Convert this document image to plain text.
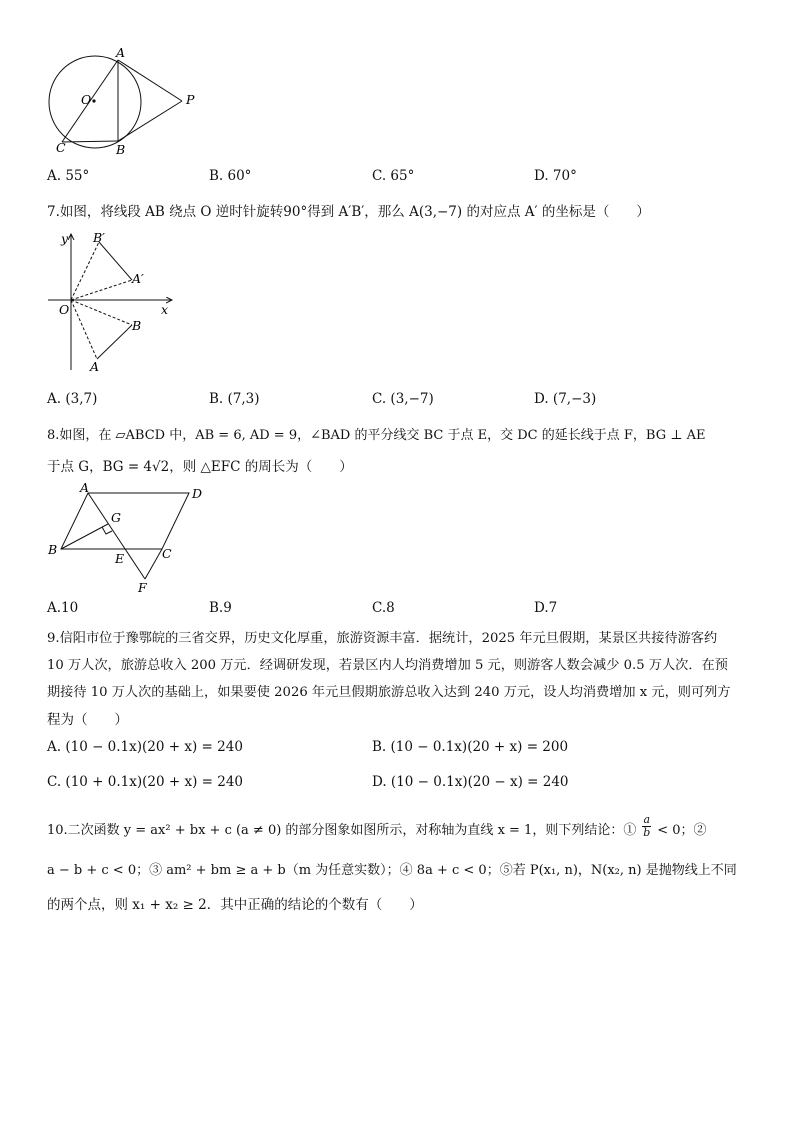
A
O	P
C	B
A. 55°	B. 60°	C. 65°	D. 70°
7.如图，将线段 AB 绕点 O 逆时针旋转90°得到 A′B′，那么 A(3,−7) 的对应点 A′ 的坐标是（　　）
y
x
O
B′
A′
B
A
A. (3,7)	B. (7,3)	C. (3,−7)	D. (7,−3)
8.如图，在 ▱ABCD 中，AB = 6, AD = 9，∠BAD 的平分线交 BC 于点 E，交 DC 的延长线于点 F，BG ⊥ AE
于点 G，BG = 4√2，则 △EFC 的周长为（　　）
A	D
G
B
E	C
F
A.10	B.9	C.8	D.7
9.信阳市位于豫鄂皖的三省交界，历史文化厚重，旅游资源丰富．据统计，2025 年元旦假期，某景区共接待游客约
10 万人次，旅游总收入 200 万元．经调研发现，若景区内人均消费增加 5 元，则游客人数会减少 0.5 万人次．在预
期接待 10 万人次的基础上，如果要使 2026 年元旦假期旅游总收入达到 240 万元，设人均消费增加 x 元，则可列方
程为（　　）
A. (10 − 0.1x)(20 + x) = 240	B. (10 − 0.1x)(20 + x) = 200
C. (10 + 0.1x)(20 + x) = 240	D. (10 − 0.1x)(20 − x) = 240
10.二次函数 y = ax² + bx + c (a ≠ 0) 的部分图象如图所示，对称轴为直线 x = 1，则下列结论：① $\frac{a}{b} < 0$；②
a − b + c < 0；③ am² + bm ≥ a + b（m 为任意实数）；④ 8a + c < 0；⑤若 P(x₁, n)，N(x₂, n) 是抛物线上不同
的两个点，则 x₁ + x₂ ≥ 2．其中正确的结论的个数有（　　）
